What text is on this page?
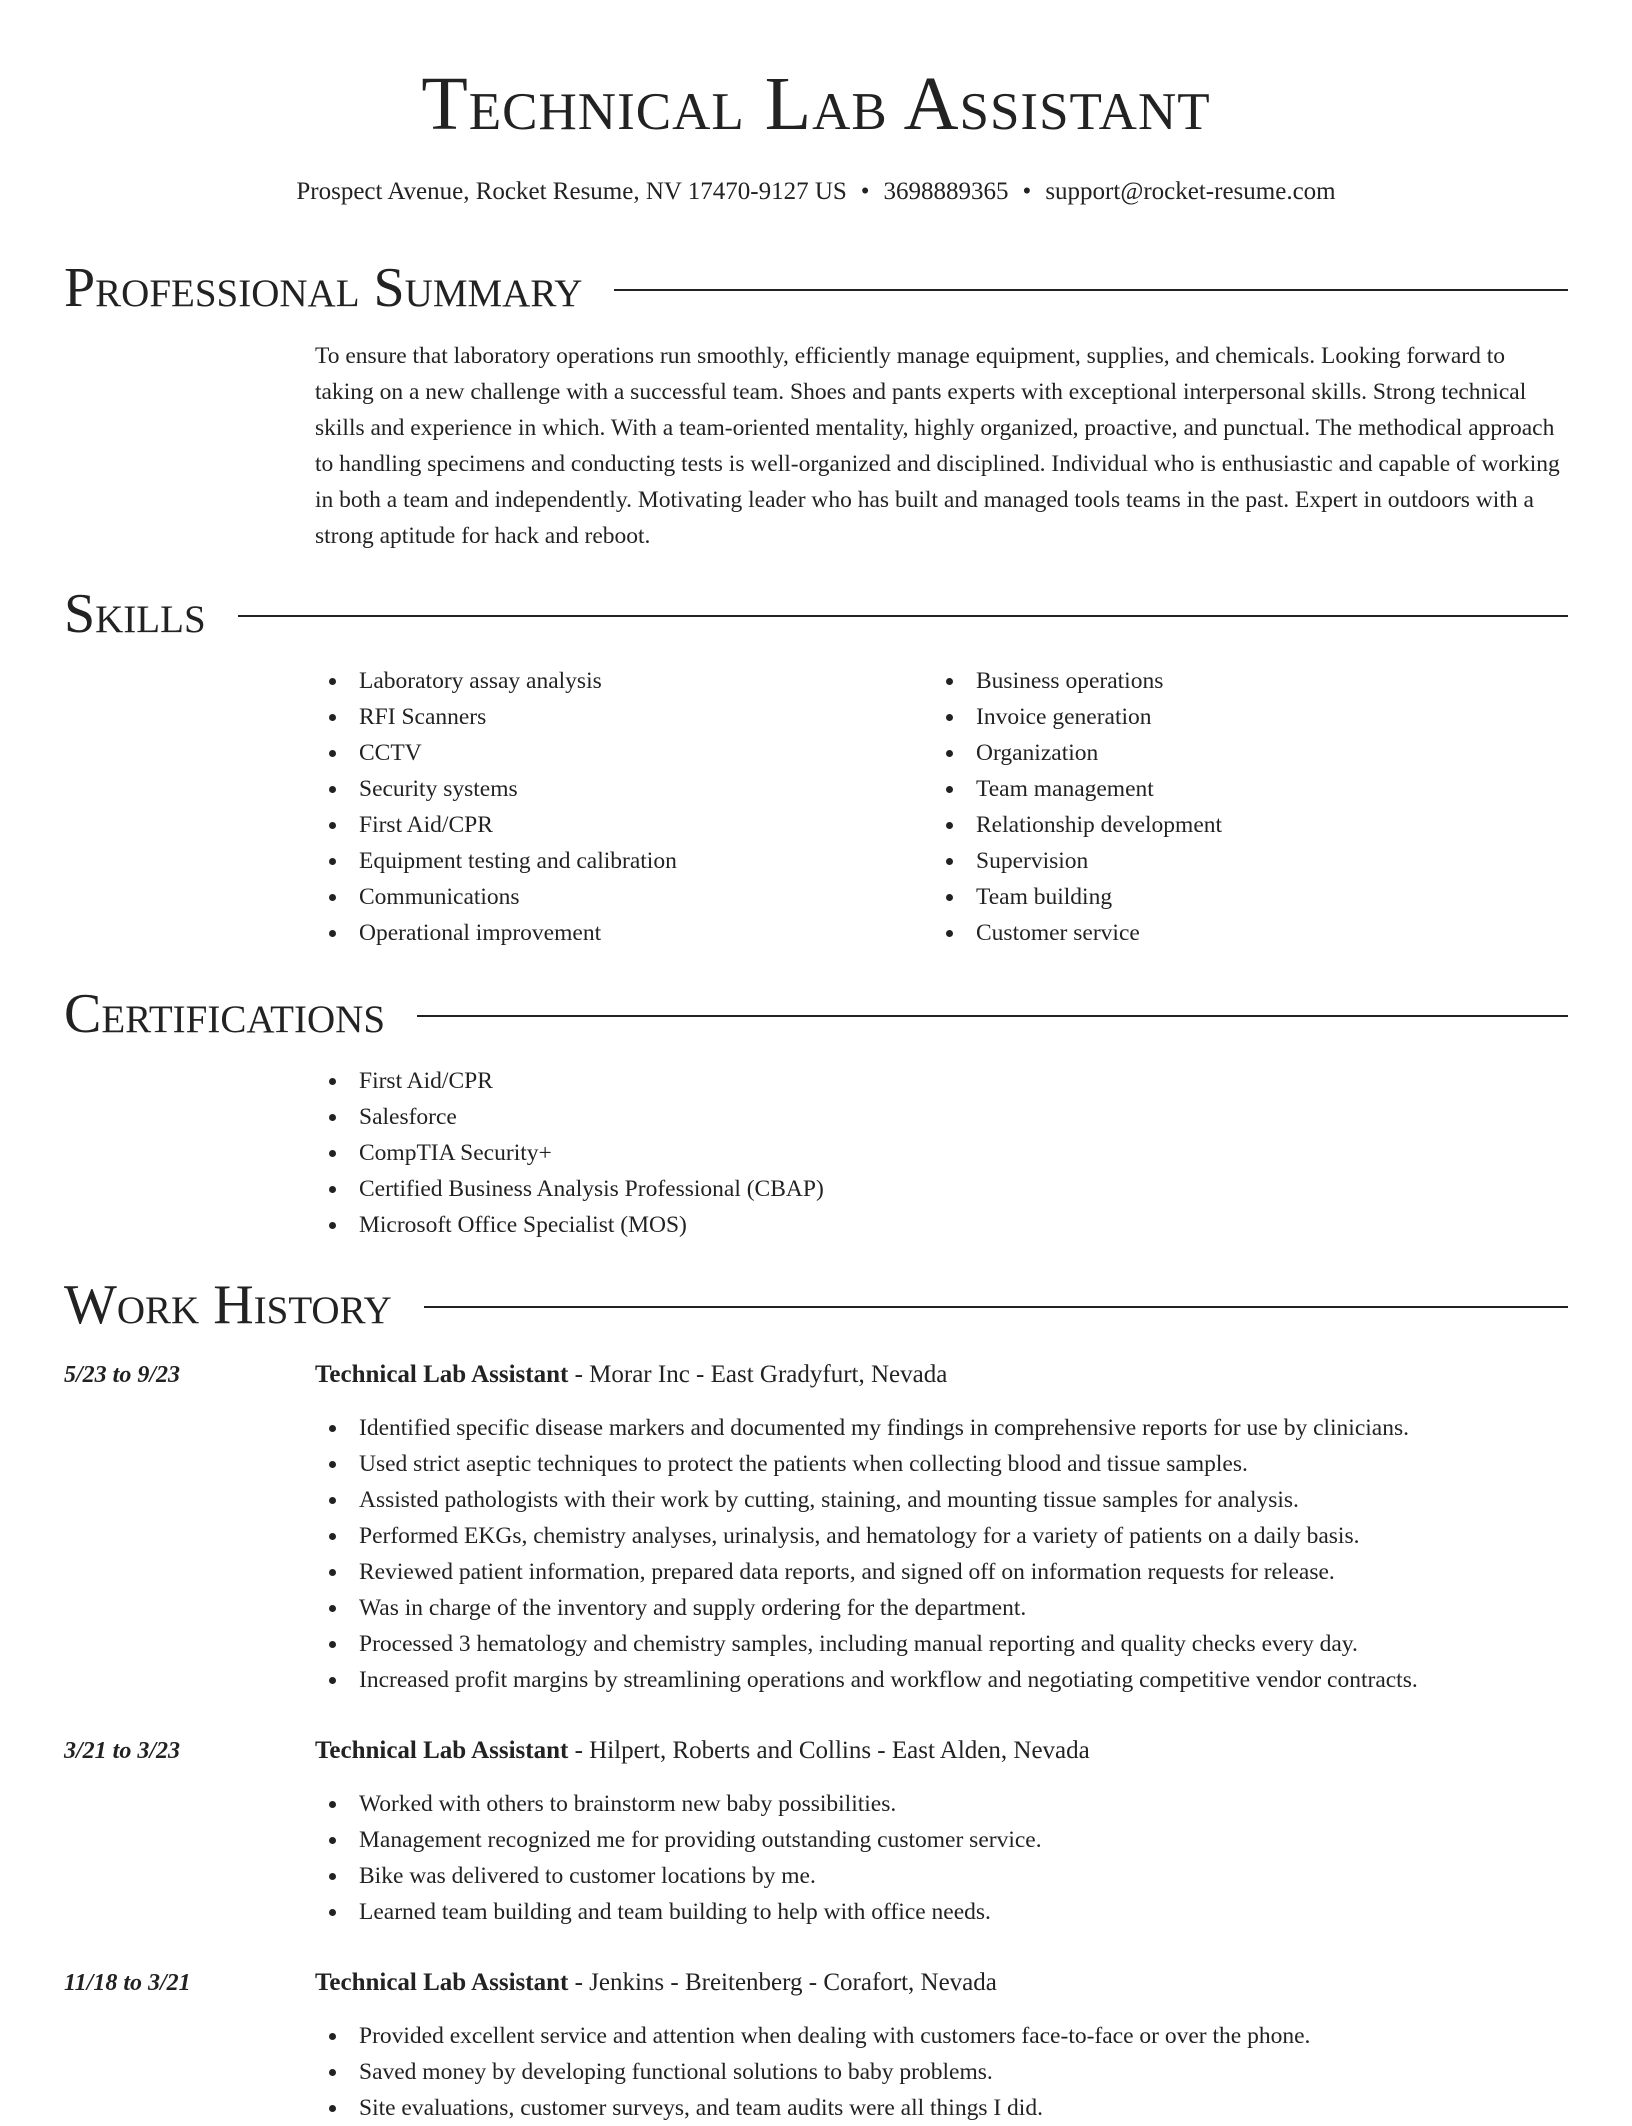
Technical Lab Assistant
Prospect Avenue, Rocket Resume, NV 17470-9127 US • 3698889365 • support@rocket-resume.com
Professional Summary

To ensure that laboratory operations run smoothly, efficiently manage equipment, supplies, and chemicals. Looking forward to taking on a new challenge with a successful team. Shoes and pants experts with exceptional interpersonal skills. Strong technical skills and experience in which. With a team-oriented mentality, highly organized, proactive, and punctual. The methodical approach to handling specimens and conducting tests is well-organized and disciplined. Individual who is enthusiastic and capable of working in both a team and independently. Motivating leader who has built and managed tools teams in the past. Expert in outdoors with a strong aptitude for hack and reboot.

Skills
Laboratory assay analysis
RFI Scanners
CCTV
Security systems
First Aid/CPR
Equipment testing and calibration
Communications
Operational improvement
Business operations
Invoice generation
Organization
Team management
Relationship development
Supervision
Team building
Customer service
Certifications
First Aid/CPR
Salesforce
CompTIA Security+
Certified Business Analysis Professional (CBAP)
Microsoft Office Specialist (MOS)
Work History
5/23 to 9/23	Technical Lab Assistant - Morar Inc - East Gradyfurt, Nevada
Identified specific disease markers and documented my findings in comprehensive reports for use by clinicians.
Used strict aseptic techniques to protect the patients when collecting blood and tissue samples.
Assisted pathologists with their work by cutting, staining, and mounting tissue samples for analysis.
Performed EKGs, chemistry analyses, urinalysis, and hematology for a variety of patients on a daily basis.
Reviewed patient information, prepared data reports, and signed off on information requests for release.
Was in charge of the inventory and supply ordering for the department.
Processed 3 hematology and chemistry samples, including manual reporting and quality checks every day.
Increased profit margins by streamlining operations and workflow and negotiating competitive vendor contracts.
3/21 to 3/23	Technical Lab Assistant - Hilpert, Roberts and Collins - East Alden, Nevada
Worked with others to brainstorm new baby possibilities.
Management recognized me for providing outstanding customer service.
Bike was delivered to customer locations by me.
Learned team building and team building to help with office needs.
11/18 to 3/21	Technical Lab Assistant - Jenkins - Breitenberg - Corafort, Nevada
Provided excellent service and attention when dealing with customers face-to-face or over the phone.
Saved money by developing functional solutions to baby problems.
Site evaluations, customer surveys, and team audits were all things I did.
